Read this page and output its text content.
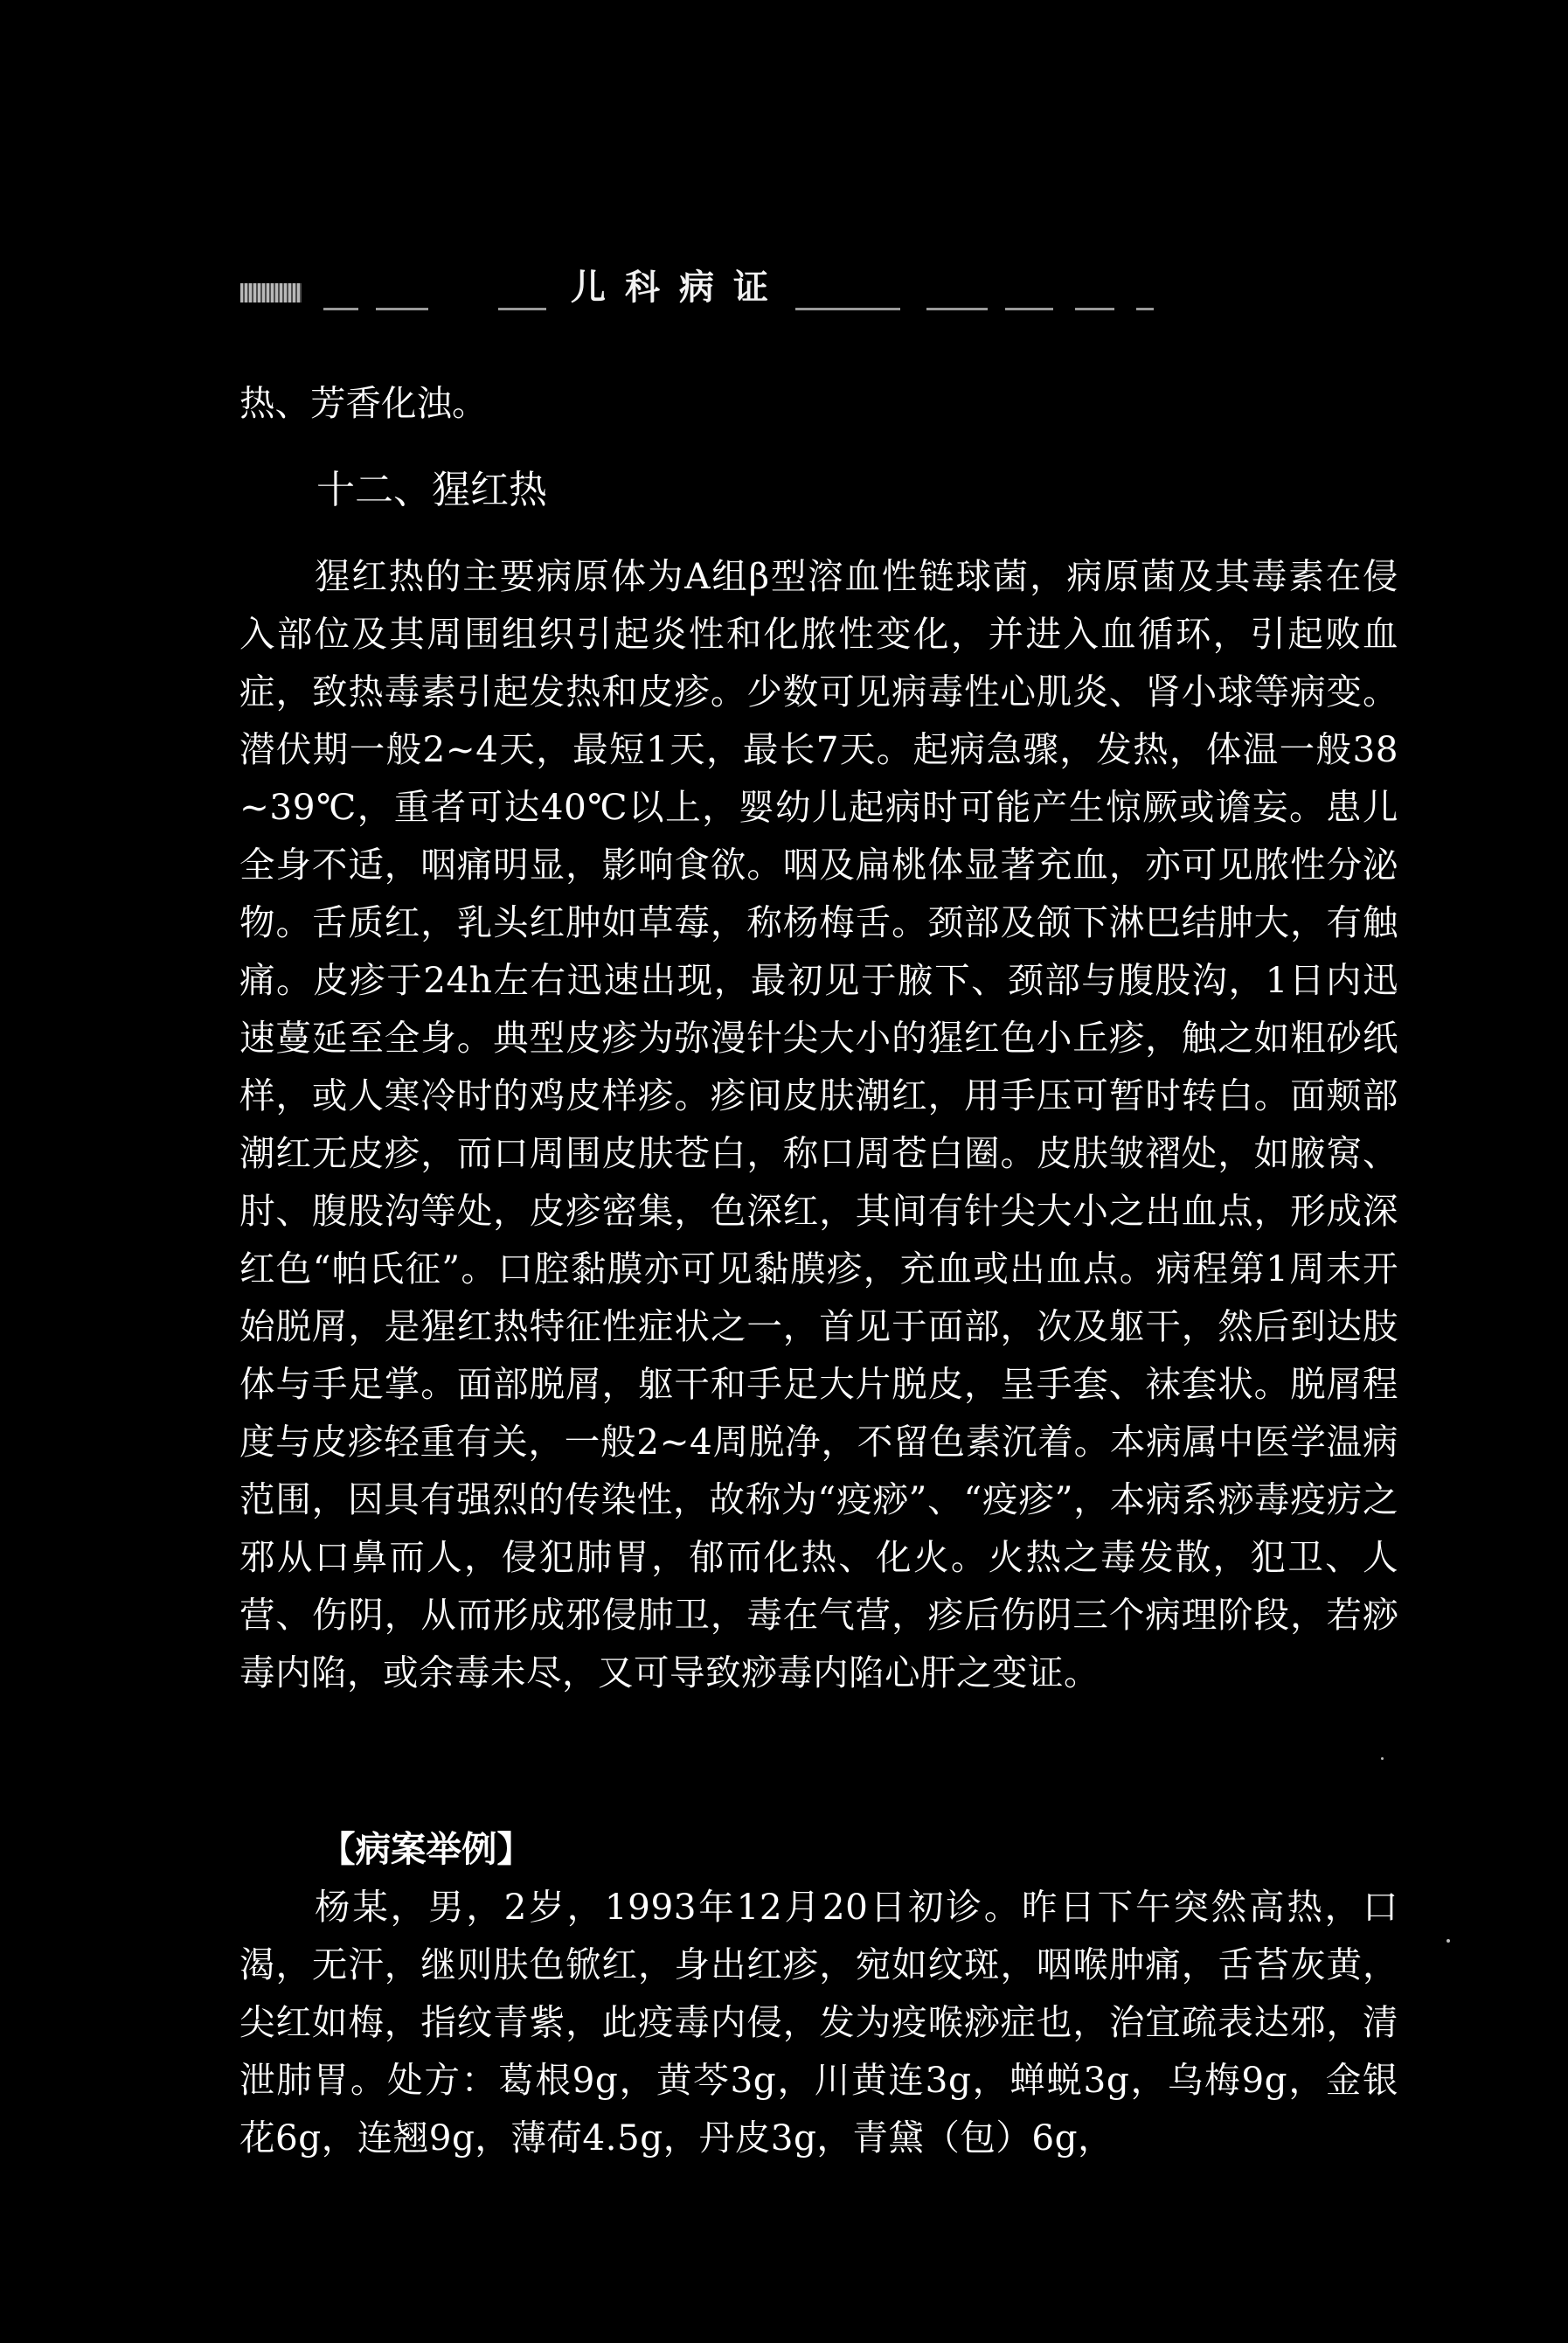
儿科病证
热、芳香化浊。
十二、猩红热
猩红热的主要病原体为A组β型溶血性链球菌，病原菌及其毒素在侵入部位及其周围组织引起炎性和化脓性变化，并进入血循环，引起败血症，致热毒素引起发热和皮疹。少数可见病毒性心肌炎、肾小球等病变。潜伏期一般2~4天，最短1天，最长7天。起病急骤，发热，体温一般38~39℃，重者可达40℃以上，婴幼儿起病时可能产生惊厥或谵妄。患儿全身不适，咽痛明显，影响食欲。咽及扁桃体显著充血，亦可见脓性分泌物。舌质红，乳头红肿如草莓，称杨梅舌。颈部及颌下淋巴结肿大，有触痛。皮疹于24h左右迅速出现，最初见于腋下、颈部与腹股沟，1日内迅速蔓延至全身。典型皮疹为弥漫针尖大小的猩红色小丘疹，触之如粗砂纸样，或人寒冷时的鸡皮样疹。疹间皮肤潮红，用手压可暂时转白。面颊部潮红无皮疹，而口周围皮肤苍白，称口周苍白圈。皮肤皱褶处，如腋窝、肘、腹股沟等处，皮疹密集，色深红，其间有针尖大小之出血点，形成深红色“帕氏征”。口腔黏膜亦可见黏膜疹，充血或出血点。病程第1周末开始脱屑，是猩红热特征性症状之一，首见于面部，次及躯干，然后到达肢体与手足掌。面部脱屑，躯干和手足大片脱皮，呈手套、袜套状。脱屑程度与皮疹轻重有关，一般2~4周脱净，不留色素沉着。本病属中医学温病范围，因具有强烈的传染性，故称为“疫痧”、“疫疹”，本病系痧毒疫疠之邪从口鼻而人，侵犯肺胃，郁而化热、化火。火热之毒发散，犯卫、人营、伤阴，从而形成邪侵肺卫，毒在气营，疹后伤阴三个病理阶段，若痧毒内陷，或余毒未尽，又可导致痧毒内陷心肝之变证。
【病案举例】
杨某，男，2岁，1993年12月20日初诊。昨日下午突然高热，口渴，无汗，继则肤色锨红，身出红疹，宛如纹斑，咽喉肿痛，舌苔灰黄，尖红如梅，指纹青紫，此疫毒内侵，发为疫喉痧症也，治宜疏表达邪，清泄肺胃。处方：葛根9g，黄芩3g，川黄连3g，蝉蜕3g，乌梅9g，金银花6g，连翘9g，薄荷4.5g，丹皮3g，青黛（包）6g，
